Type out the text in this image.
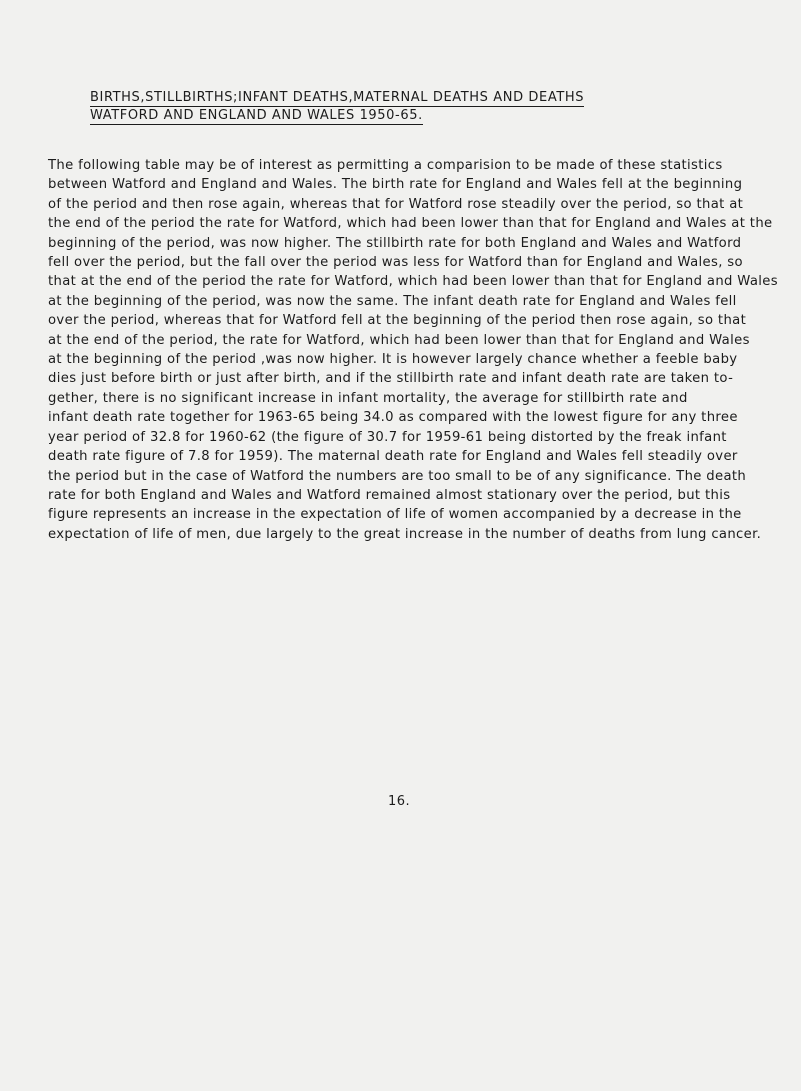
BIRTHS,STILLBIRTHS;INFANT DEATHS,MATERNAL DEATHS AND DEATHS
WATFORD AND ENGLAND AND WALES 1950-65.
The following table may be of interest as permitting a comparision to be made of these statistics
between Watford and England and Wales. The birth rate for England and Wales fell at the beginning
of the period and then rose again, whereas that for Watford rose steadily over the period, so that at
the end of the period the rate for Watford, which had been lower than that for England and Wales at the
beginning of the period, was now higher. The stillbirth rate for both England and Wales and Watford
fell over the period, but the fall over the period was less for Watford than for England and Wales, so
that at the end of the period the rate for Watford, which had been lower than that for England and Wales
at the beginning of the period, was now the same. The infant death rate for England and Wales fell
over the period, whereas that for Watford fell at the beginning of the period then rose again, so that
at the end of the period, the rate for Watford, which had been lower than that for England and Wales
at the beginning of the period ,was now higher. It is however largely chance whether a feeble baby
dies just before birth or just after birth, and if the stillbirth rate and infant death rate are taken to-
gether, there is no significant increase in infant mortality, the average for stillbirth rate and
infant death rate together for 1963-65 being 34.0 as compared with the lowest figure for any three
year period of 32.8 for 1960-62 (the figure of 30.7 for 1959-61 being distorted by the freak infant
death rate figure of 7.8 for 1959). The maternal death rate for England and Wales fell steadily over
the period but in the case of Watford the numbers are too small to be of any significance. The death
rate for both England and Wales and Watford remained almost stationary over the period, but this
figure represents an increase in the expectation of life of women accompanied by a decrease in the
expectation of life of men, due largely to the great increase in the number of deaths from lung cancer.
16.
